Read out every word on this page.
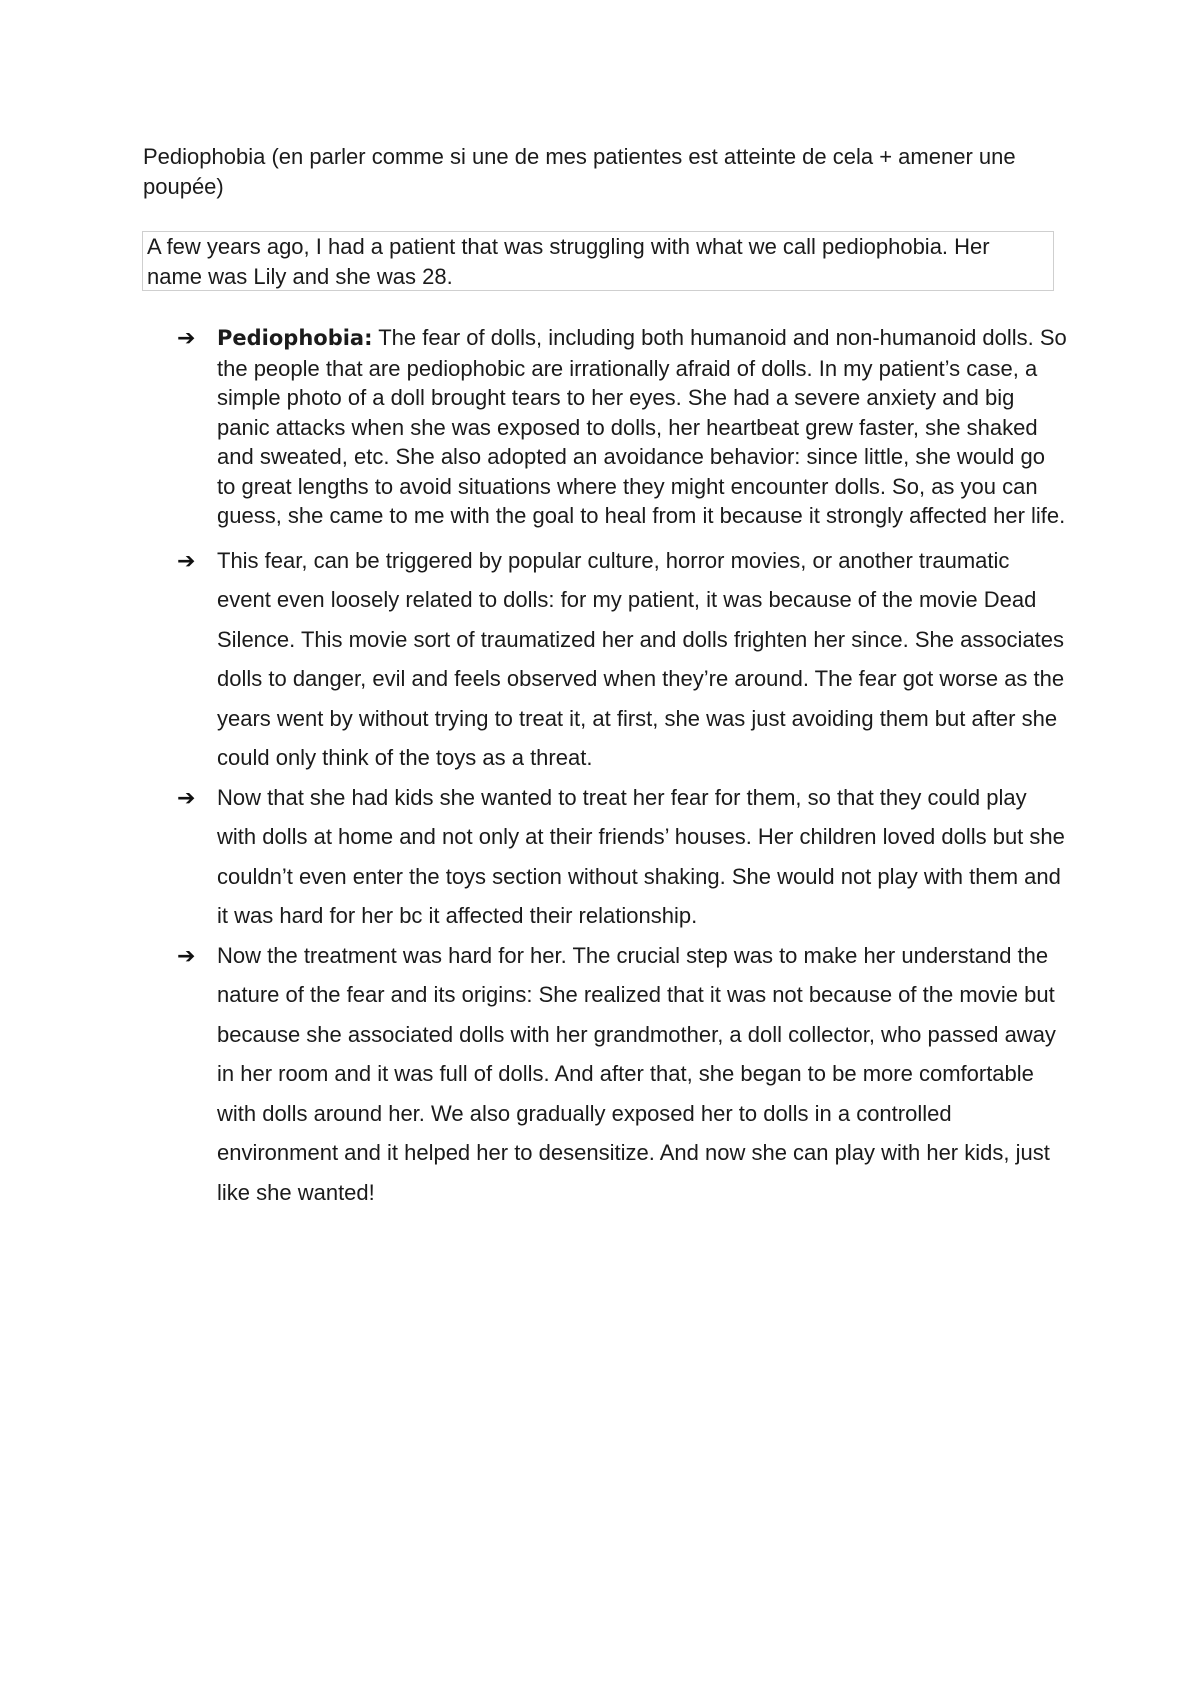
Pediophobia (en parler comme si une de mes patientes est atteinte de cela + amener une poupée)

A few years ago, I had a patient that was struggling with what we call pediophobia. Her name was Lily and she was 28.
➔	Pediophobia: The fear of dolls, including both humanoid and non-humanoid dolls. So the people that are pediophobic are irrationally afraid of dolls. In my patient’s case, a simple photo of a doll brought tears to her eyes. She had a severe anxiety and big panic attacks when she was exposed to dolls, her heartbeat grew faster, she shaked and sweated, etc. She also adopted an avoidance behavior: since little, she would go to great lengths to avoid situations where they might encounter dolls. So, as you can guess, she came to me with the goal to heal from it because it strongly affected her life.
➔ This fear, can be triggered by popular culture, horror movies, or another traumatic event even loosely related to dolls: for my patient, it was because of the movie Dead Silence. This movie sort of traumatized her and dolls frighten her since. She associates dolls to danger, evil and feels observed when they’re around. The fear got worse as the years went by without trying to treat it, at first, she was just avoiding them but after she could only think of the toys as a threat.
➔ Now that she had kids she wanted to treat her fear for them, so that they could play with dolls at home and not only at their friends’ houses. Her children loved dolls but she couldn’t even enter the toys section without shaking. She would not play with them and it was hard for her bc it affected their relationship.
➔ Now the treatment was hard for her. The crucial step was to make her understand the nature of the fear and its origins: She realized that it was not because of the movie but because she associated dolls with her grandmother, a doll collector, who passed away in her room and it was full of dolls. And after that, she began to be more comfortable with dolls around her. We also gradually exposed her to dolls in a controlled environment and it helped her to desensitize. And now she can play with her kids, just like she wanted!
